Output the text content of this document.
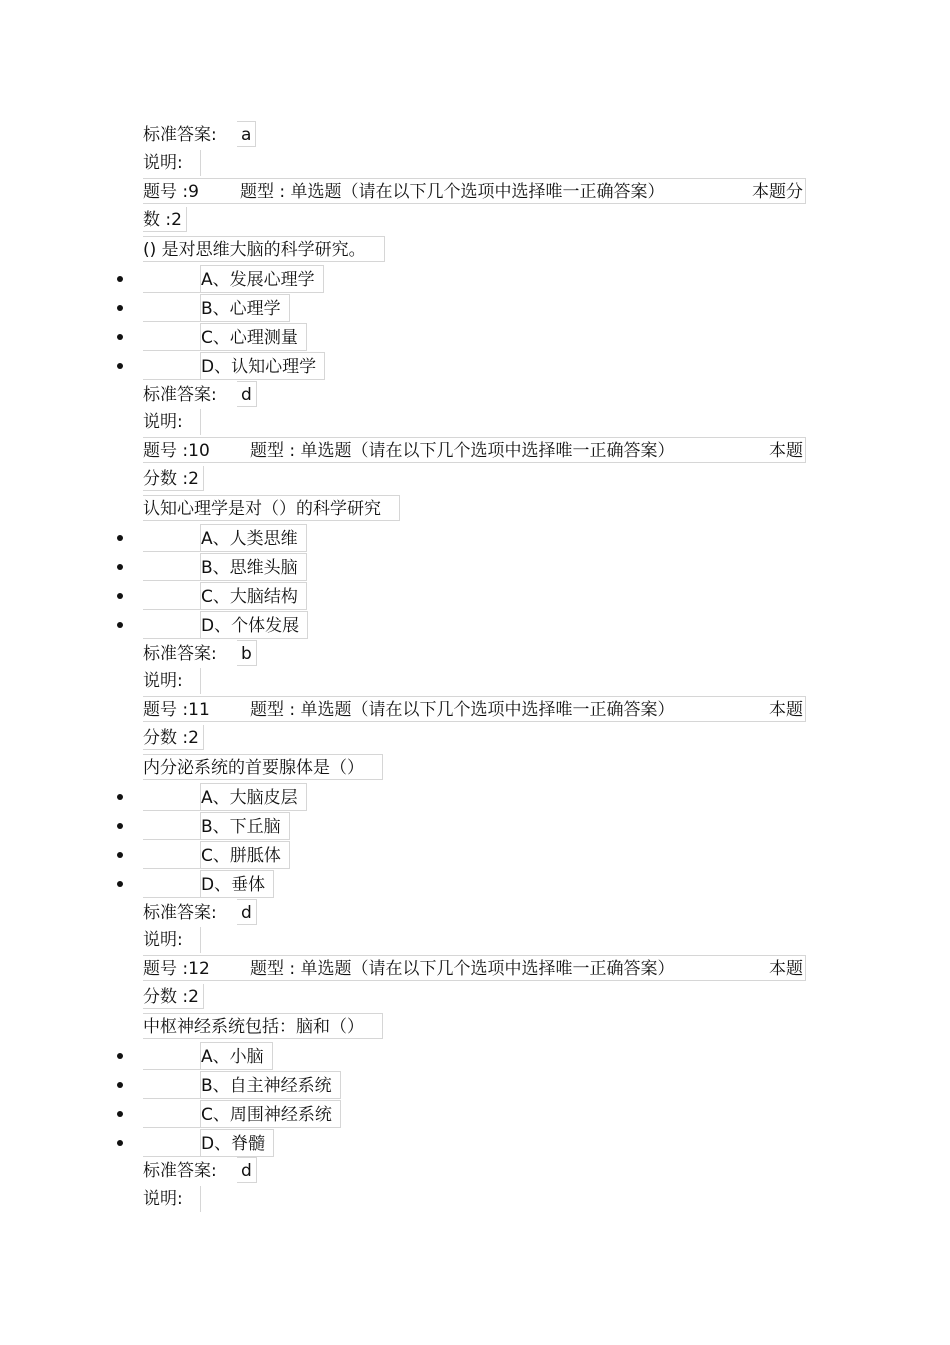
标准答案: a
说明:
题号 :9 题型 : 单选题（请在以下几个选项中选择唯一正确答案）	本题分
数 :2
() 是对思维大脑的科学研究。
A、发展心理学
B、心理学
C、心理测量
D、认知心理学
标准答案: d
说明:
题号 :10 题型 : 单选题（请在以下几个选项中选择唯一正确答案）	本题
分数 :2
认知心理学是对（）的科学研究
A、人类思维
B、思维头脑
C、大脑结构
D、个体发展
标准答案: b
说明:
题号 :11 题型 : 单选题（请在以下几个选项中选择唯一正确答案）	本题
分数 :2
内分泌系统的首要腺体是（）
A、大脑皮层
B、下丘脑
C、胼胝体
D、垂体
标准答案: d
说明:
题号 :12 题型 : 单选题（请在以下几个选项中选择唯一正确答案）	本题
分数 :2
中枢神经系统包括：脑和（）
A、小脑
B、自主神经系统
C、周围神经系统
D、脊髓
标准答案: d
说明:
